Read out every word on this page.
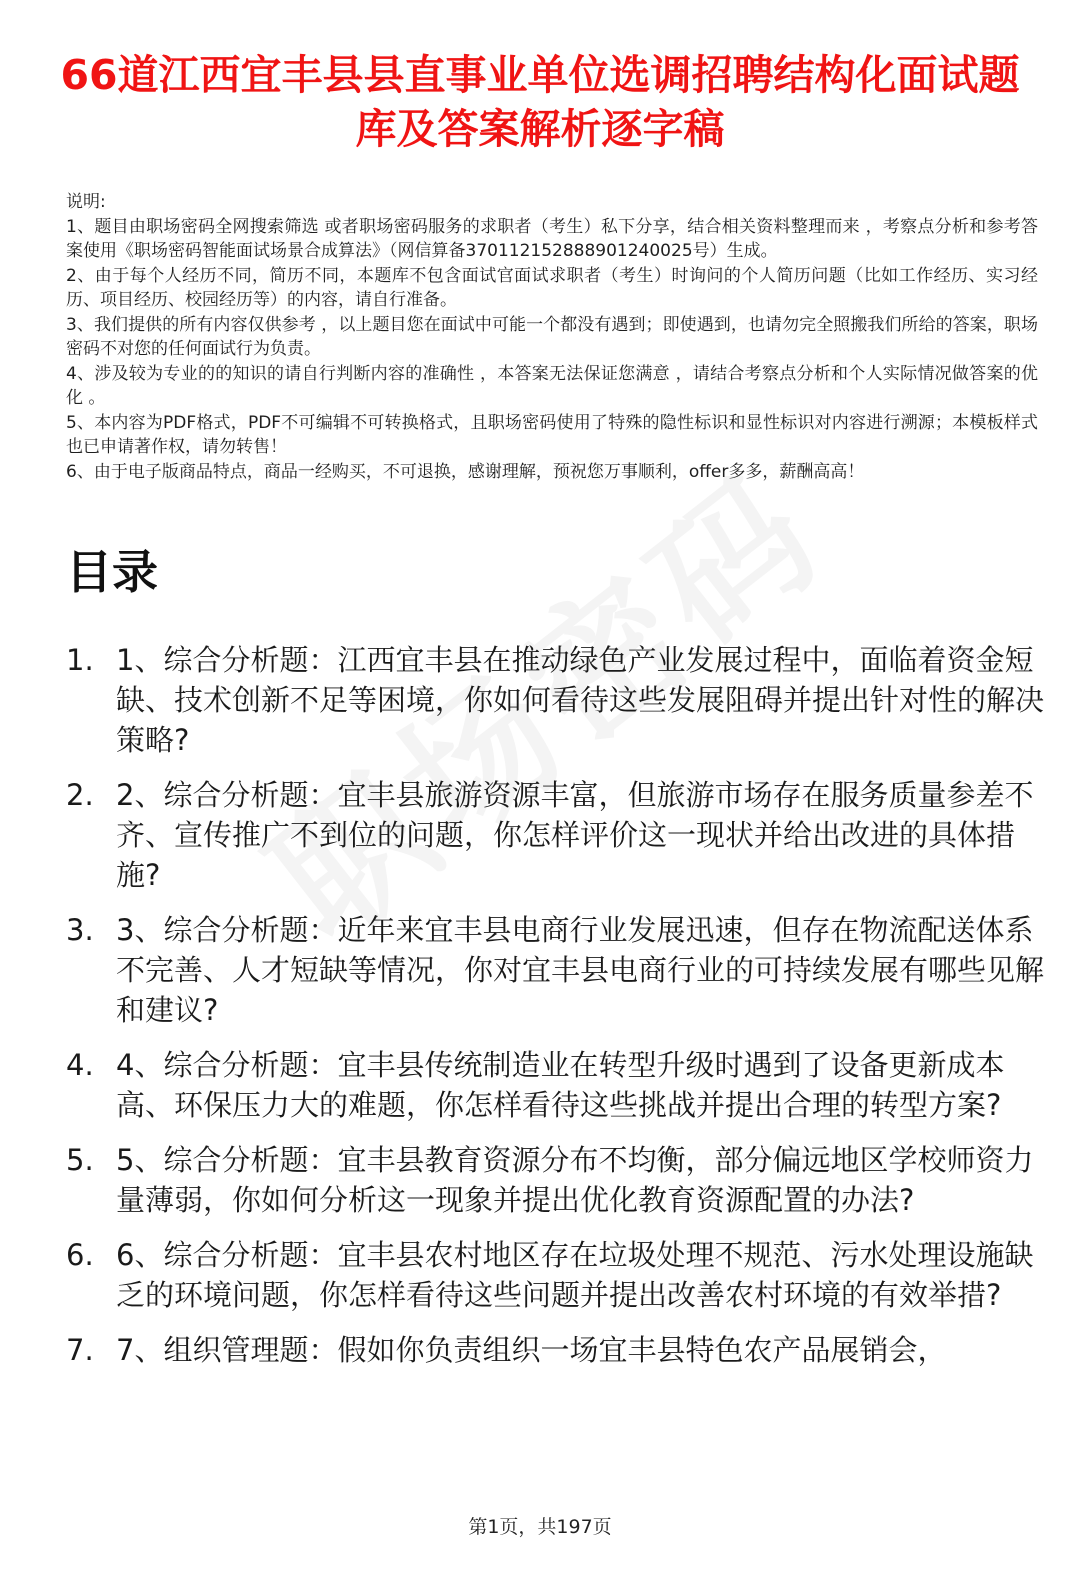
66道江西宜丰县县直事业单位选调招聘结构化面试题库及答案解析逐字稿

说明:

1、题目由职场密码全网搜索筛选 或者职场密码服务的求职者（考生）私下分享，结合相关资料整理而来 ，考察点分析和参考答案使用《职场密码智能面试场景合成算法》（网信算备370112152888901240025号）生成。

2、由于每个人经历不同，简历不同，本题库不包含面试官面试求职者（考生）时询问的个人简历问题（比如工作经历、实习经历、项目经历、校园经历等）的内容，请自行准备。

3、我们提供的所有内容仅供参考 ，以上题目您在面试中可能一个都没有遇到；即使遇到，也请勿完全照搬我们所给的答案，职场密码不对您的任何面试行为负责。

4、涉及较为专业的的知识的请自行判断内容的准确性 ，本答案无法保证您满意 ，请结合考察点分析和个人实际情况做答案的优化 。

5、本内容为PDF格式，PDF不可编辑不可转换格式，且职场密码使用了特殊的隐性标识和显性标识对内容进行溯源；本模板样式也已申请著作权，请勿转售！

6、由于电子版商品特点，商品一经购买，不可退换，感谢理解，预祝您万事顺利，offer多多，薪酬高高！

目录
1. 1、综合分析题：江西宜丰县在推动绿色产业发展过程中，面临着资金短缺、技术创新不足等困境，你如何看待这些发展阻碍并提出针对性的解决策略?
2. 2、综合分析题：宜丰县旅游资源丰富，但旅游市场存在服务质量参差不齐、宣传推广不到位的问题，你怎样评价这一现状并给出改进的具体措施?
3. 3、综合分析题：近年来宜丰县电商行业发展迅速，但存在物流配送体系不完善、人才短缺等情况，你对宜丰县电商行业的可持续发展有哪些见解和建议?
4. 4、综合分析题：宜丰县传统制造业在转型升级时遇到了设备更新成本高、环保压力大的难题，你怎样看待这些挑战并提出合理的转型方案?
5. 5、综合分析题：宜丰县教育资源分布不均衡，部分偏远地区学校师资力量薄弱，你如何分析这一现象并提出优化教育资源配置的办法?
6. 6、综合分析题：宜丰县农村地区存在垃圾处理不规范、污水处理设施缺乏的环境问题，你怎样看待这些问题并提出改善农村环境的有效举措?
7. 7、组织管理题：假如你负责组织一场宜丰县特色农产品展销会，
第1页，共197页
